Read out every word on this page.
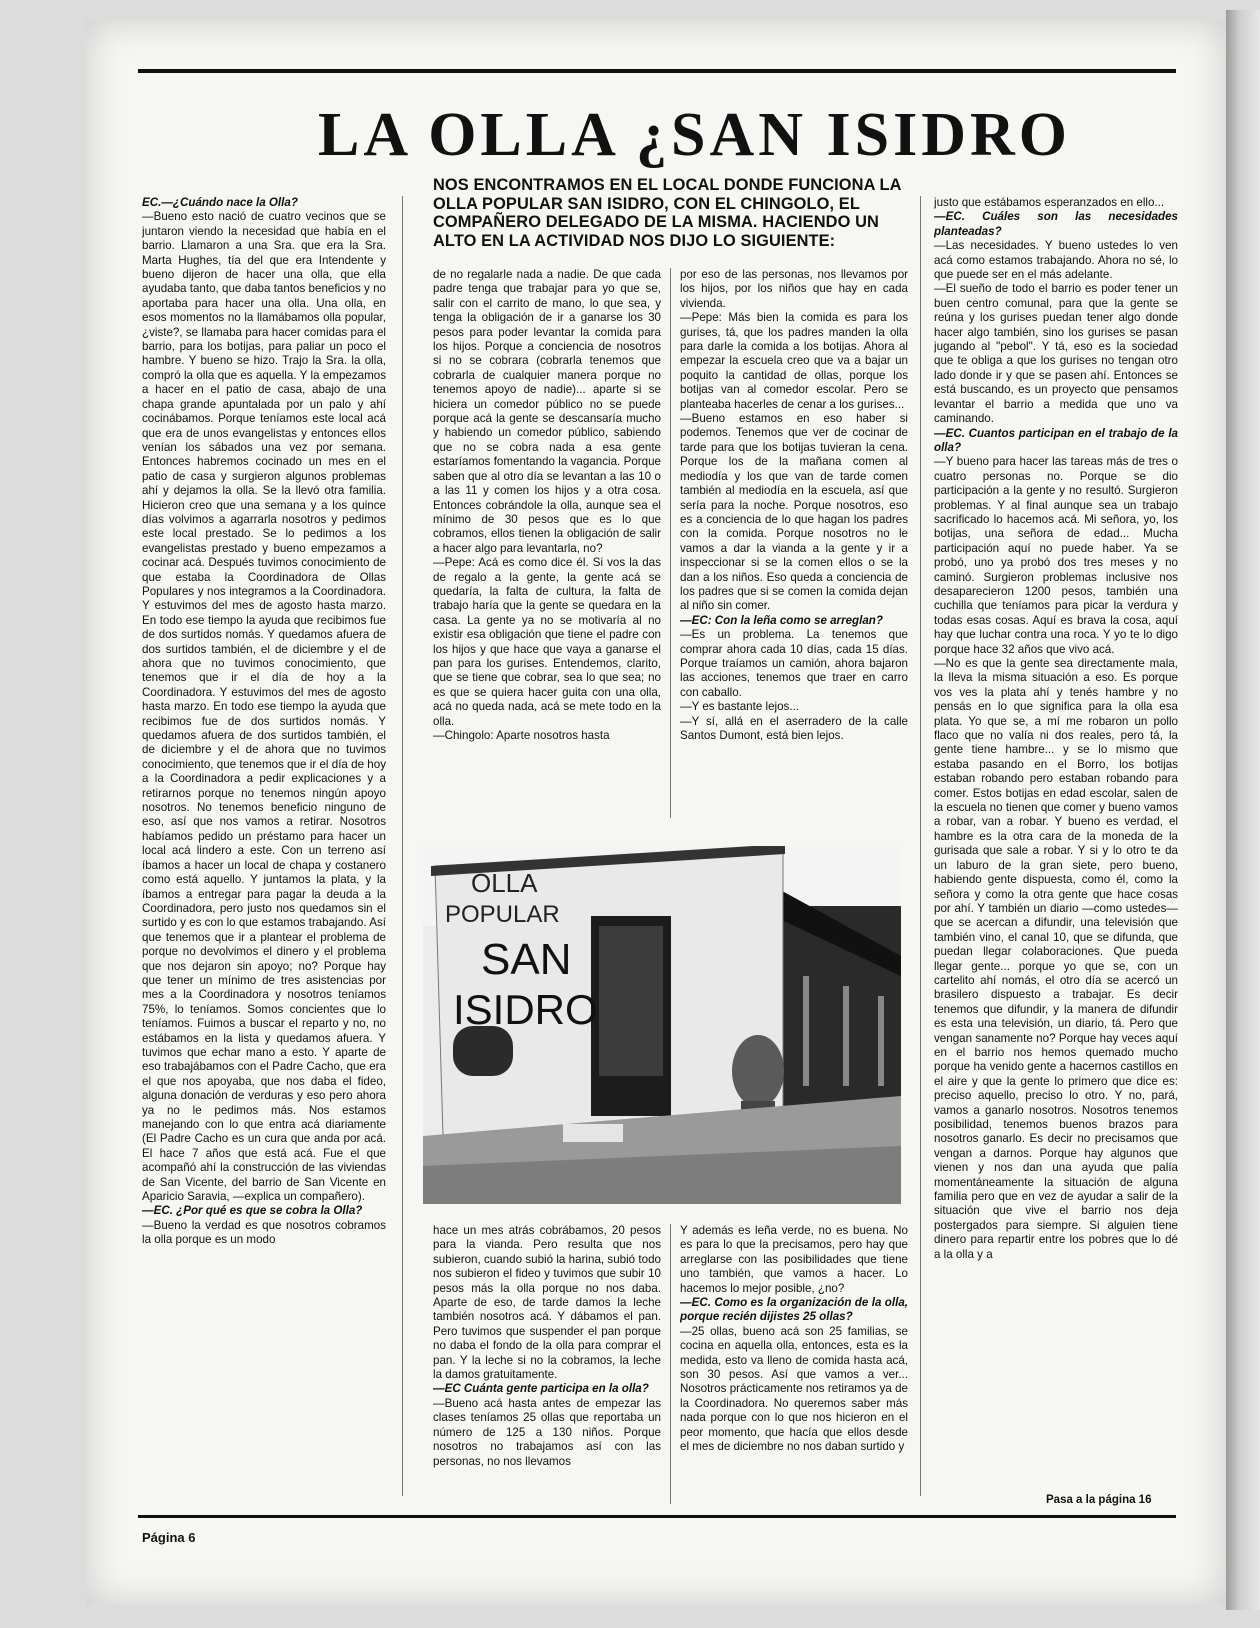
LA OLLA ¿SAN ISIDRO

NOS ENCONTRAMOS EN EL LOCAL DONDE FUNCIONA LA OLLA POPULAR SAN ISIDRO, CON EL CHINGOLO, EL COMPAÑERO DELEGADO DE LA MISMA. HACIENDO UN ALTO EN LA ACTIVIDAD NOS DIJO LO SIGUIENTE:

EC.—¿Cuándo nace la Olla?

—Bueno esto nació de cuatro vecinos que se juntaron viendo la necesidad que había en el barrio. Llamaron a una Sra. que era la Sra. Marta Hughes, tía del que era Intendente y bueno dijeron de hacer una olla, que ella ayudaba tanto, que daba tantos beneficios y no aportaba para hacer una olla. Una olla, en esos momentos no la llamábamos olla popular, ¿viste?, se llamaba para hacer comidas para el barrio, para los botijas, para paliar un poco el hambre. Y bueno se hizo. Trajo la Sra. la olla, compró la olla que es aquella. Y la empezamos a hacer en el patio de casa, abajo de una chapa grande apuntalada por un palo y ahí cocinábamos. Porque teníamos este local acá que era de unos evangelistas y entonces ellos venían los sábados una vez por semana. Entonces habremos cocinado un mes en el patio de casa y surgieron algunos problemas ahí y dejamos la olla. Se la llevó otra familia. Hicieron creo que una semana y a los quince días volvimos a agarrarla nosotros y pedimos este local prestado. Se lo pedimos a los evangelistas prestado y bueno empezamos a cocinar acá. Después tuvimos conocimiento de que estaba la Coordinadora de Ollas Populares y nos integramos a la Coordinadora. Y estuvimos del mes de agosto hasta marzo. En todo ese tiempo la ayuda que recibimos fue de dos surtidos nomás. Y quedamos afuera de dos surtidos también, el de diciembre y el de ahora que no tuvimos conocimiento, que tenemos que ir el día de hoy a la Coordinadora. Y estuvimos del mes de agosto hasta marzo. En todo ese tiempo la ayuda que recibimos fue de dos surtidos nomás. Y quedamos afuera de dos surtidos también, el de diciembre y el de ahora que no tuvimos conocimiento, que tenemos que ir el día de hoy a la Coordinadora a pedir explicaciones y a retirarnos porque no tenemos ningún apoyo nosotros. No tenemos beneficio ninguno de eso, así que nos vamos a retirar. Nosotros habíamos pedido un préstamo para hacer un local acá lindero a este. Con un terreno así íbamos a hacer un local de chapa y costanero como está aquello. Y juntamos la plata, y la íbamos a entregar para pagar la deuda a la Coordinadora, pero justo nos quedamos sin el surtido y es con lo que estamos trabajando. Así que tenemos que ir a plantear el problema de porque no devolvimos el dinero y el problema que nos dejaron sin apoyo; no? Porque hay que tener un mínimo de tres asistencias por mes a la Coordinadora y nosotros teníamos 75%, lo teníamos. Somos concientes que lo teníamos. Fuimos a buscar el reparto y no, no estábamos en la lista y quedamos afuera. Y tuvimos que echar mano a esto. Y aparte de eso trabajábamos con el Padre Cacho, que era el que nos apoyaba, que nos daba el fideo, alguna donación de verduras y eso pero ahora ya no le pedimos más. Nos estamos manejando con lo que entra acá diariamente (El Padre Cacho es un cura que anda por acá. El hace 7 años que está acá. Fue el que acompañó ahí la construcción de las viviendas de San Vicente, del barrio de San Vicente en Aparicio Saravia, —explica un compañero).

—EC. ¿Por qué es que se cobra la Olla?

—Bueno la verdad es que nosotros cobramos la olla porque es un modo

de no regalarle nada a nadie. De que cada padre tenga que trabajar para yo que se, salir con el carrito de mano, lo que sea, y tenga la obligación de ir a ganarse los 30 pesos para poder levantar la comida para los hijos. Porque a conciencia de nosotros si no se cobrara (cobrarla tenemos que cobrarla de cualquier manera porque no tenemos apoyo de nadie)... aparte si se hiciera un comedor público no se puede porque acá la gente se descansaría mucho y habiendo un comedor público, sabiendo que no se cobra nada a esa gente estaríamos fomentando la vagancia. Porque saben que al otro día se levantan a las 10 o a las 11 y comen los hijos y a otra cosa. Entonces cobrándole la olla, aunque sea el mínimo de 30 pesos que es lo que cobramos, ellos tienen la obligación de salir a hacer algo para levantarla, no?

—Pepe: Acá es como dice él. Si vos la das de regalo a la gente, la gente acá se quedaría, la falta de cultura, la falta de trabajo haría que la gente se quedara en la casa. La gente ya no se motivaría al no existir esa obligación que tiene el padre con los hijos y que hace que vaya a ganarse el pan para los gurises. Entendemos, clarito, que se tiene que cobrar, sea lo que sea; no es que se quiera hacer guita con una olla, acá no queda nada, acá se mete todo en la olla.

—Chingolo: Aparte nosotros hasta

por eso de las personas, nos llevamos por los hijos, por los niños que hay en cada vivienda.

—Pepe: Más bien la comida es para los gurises, tá, que los padres manden la olla para darle la comida a los botijas. Ahora al empezar la escuela creo que va a bajar un poquito la cantidad de ollas, porque los botijas van al comedor escolar. Pero se planteaba hacerles de cenar a los gurises...

—Bueno estamos en eso haber si podemos. Tenemos que ver de cocinar de tarde para que los botijas tuvieran la cena. Porque los de la mañana comen al mediodía y los que van de tarde comen también al mediodía en la escuela, así que sería para la noche. Porque nosotros, eso es a conciencia de lo que hagan los padres con la comida. Porque nosotros no le vamos a dar la vianda a la gente y ir a inspeccionar si se la comen ellos o se la dan a los niños. Eso queda a conciencia de los padres que si se comen la comida dejan al niño sin comer.

—EC: Con la leña como se arreglan?

—Es un problema. La tenemos que comprar ahora cada 10 días, cada 15 días. Porque traíamos un camión, ahora bajaron las acciones, tenemos que traer en carro con caballo.

—Y es bastante lejos...

—Y sí, allá en el aserradero de la calle Santos Dumont, está bien lejos.

justo que estábamos esperanzados en ello...

—EC. Cuáles son las necesidades planteadas?

—Las necesidades. Y bueno ustedes lo ven acá como estamos trabajando. Ahora no sé, lo que puede ser en el más adelante.

—El sueño de todo el barrio es poder tener un buen centro comunal, para que la gente se reúna y los gurises puedan tener algo donde hacer algo también, sino los gurises se pasan jugando al "pebol". Y tá, eso es la sociedad que te obliga a que los gurises no tengan otro lado donde ir y que se pasen ahí. Entonces se está buscando, es un proyecto que pensamos levantar el barrio a medida que uno va caminando.

—EC. Cuantos participan en el trabajo de la olla?

—Y bueno para hacer las tareas más de tres o cuatro personas no. Porque se dio participación a la gente y no resultó. Surgieron problemas. Y al final aunque sea un trabajo sacrificado lo hacemos acá. Mi señora, yo, los botijas, una señora de edad... Mucha participación aquí no puede haber. Ya se probó, uno ya probó dos tres meses y no caminó. Surgieron problemas inclusive nos desaparecieron 1200 pesos, también una cuchilla que teníamos para picar la verdura y todas esas cosas. Aquí es brava la cosa, aquí hay que luchar contra una roca. Y yo te lo digo porque hace 32 años que vivo acá.

—No es que la gente sea directamente mala, la lleva la misma situación a eso. Es porque vos ves la plata ahí y tenés hambre y no pensás en lo que significa para la olla esa plata. Yo que se, a mí me robaron un pollo flaco que no valía ni dos reales, pero tá, la gente tiene hambre... y se lo mismo que estaba pasando en el Borro, los botijas estaban robando pero estaban robando para comer. Estos botijas en edad escolar, salen de la escuela no tienen que comer y bueno vamos a robar, van a robar. Y bueno es verdad, el hambre es la otra cara de la moneda de la gurisada que sale a robar. Y si y lo otro te da un laburo de la gran siete, pero bueno, habiendo gente dispuesta, como él, como la señora y como la otra gente que hace cosas por ahí. Y también un diario —como ustedes— que se acercan a difundir, una televisión que también vino, el canal 10, que se difunda, que puedan llegar colaboraciones. Que pueda llegar gente... porque yo que se, con un cartelito ahí nomás, el otro día se acercó un brasilero dispuesto a trabajar. Es decir tenemos que difundir, y la manera de difundir es esta una televisión, un diario, tá. Pero que vengan sanamente no? Porque hay veces aquí en el barrio nos hemos quemado mucho porque ha venido gente a hacernos castillos en el aire y que la gente lo primero que dice es: preciso aquello, preciso lo otro. Y no, pará, vamos a ganarlo nosotros. Nosotros tenemos posibilidad, tenemos buenos brazos para nosotros ganarlo. Es decir no precisamos que vengan a darnos. Porque hay algunos que vienen y nos dan una ayuda que palía momentáneamente la situación de alguna familia pero que en vez de ayudar a salir de la situación que vive el barrio nos deja postergados para siempre. Si alguien tiene dinero para repartir entre los pobres que lo dé a la olla y a

OLLA
POPULAR
SAN
ISIDRO

hace un mes atrás cobrábamos, 20 pesos para la vianda. Pero resulta que nos subieron, cuando subió la harina, subió todo nos subieron el fideo y tuvimos que subir 10 pesos más la olla porque no nos daba. Aparte de eso, de tarde damos la leche también nosotros acá. Y dábamos el pan. Pero tuvimos que suspender el pan porque no daba el fondo de la olla para comprar el pan. Y la leche si no la cobramos, la leche la damos gratuitamente.

—EC Cuánta gente participa en la olla?

—Bueno acá hasta antes de empezar las clases teníamos 25 ollas que reportaba un número de 125 a 130 niños. Porque nosotros no trabajamos así con las personas, no nos llevamos

Y además es leña verde, no es buena. No es para lo que la precisamos, pero hay que arreglarse con las posibilidades que tiene uno también, que vamos a hacer. Lo hacemos lo mejor posible, ¿no?

—EC. Como es la organización de la olla, porque recién dijistes 25 ollas?

—25 ollas, bueno acá son 25 familias, se cocina en aquella olla, entonces, esta es la medida, esto va lleno de comida hasta acá, son 30 pesos. Así que vamos a ver... Nosotros prácticamente nos retiramos ya de la Coordinadora. No queremos saber más nada porque con lo que nos hicieron en el peor momento, que hacía que ellos desde el mes de diciembre no nos daban surtido y

Pasa a la página 16
Página 6
